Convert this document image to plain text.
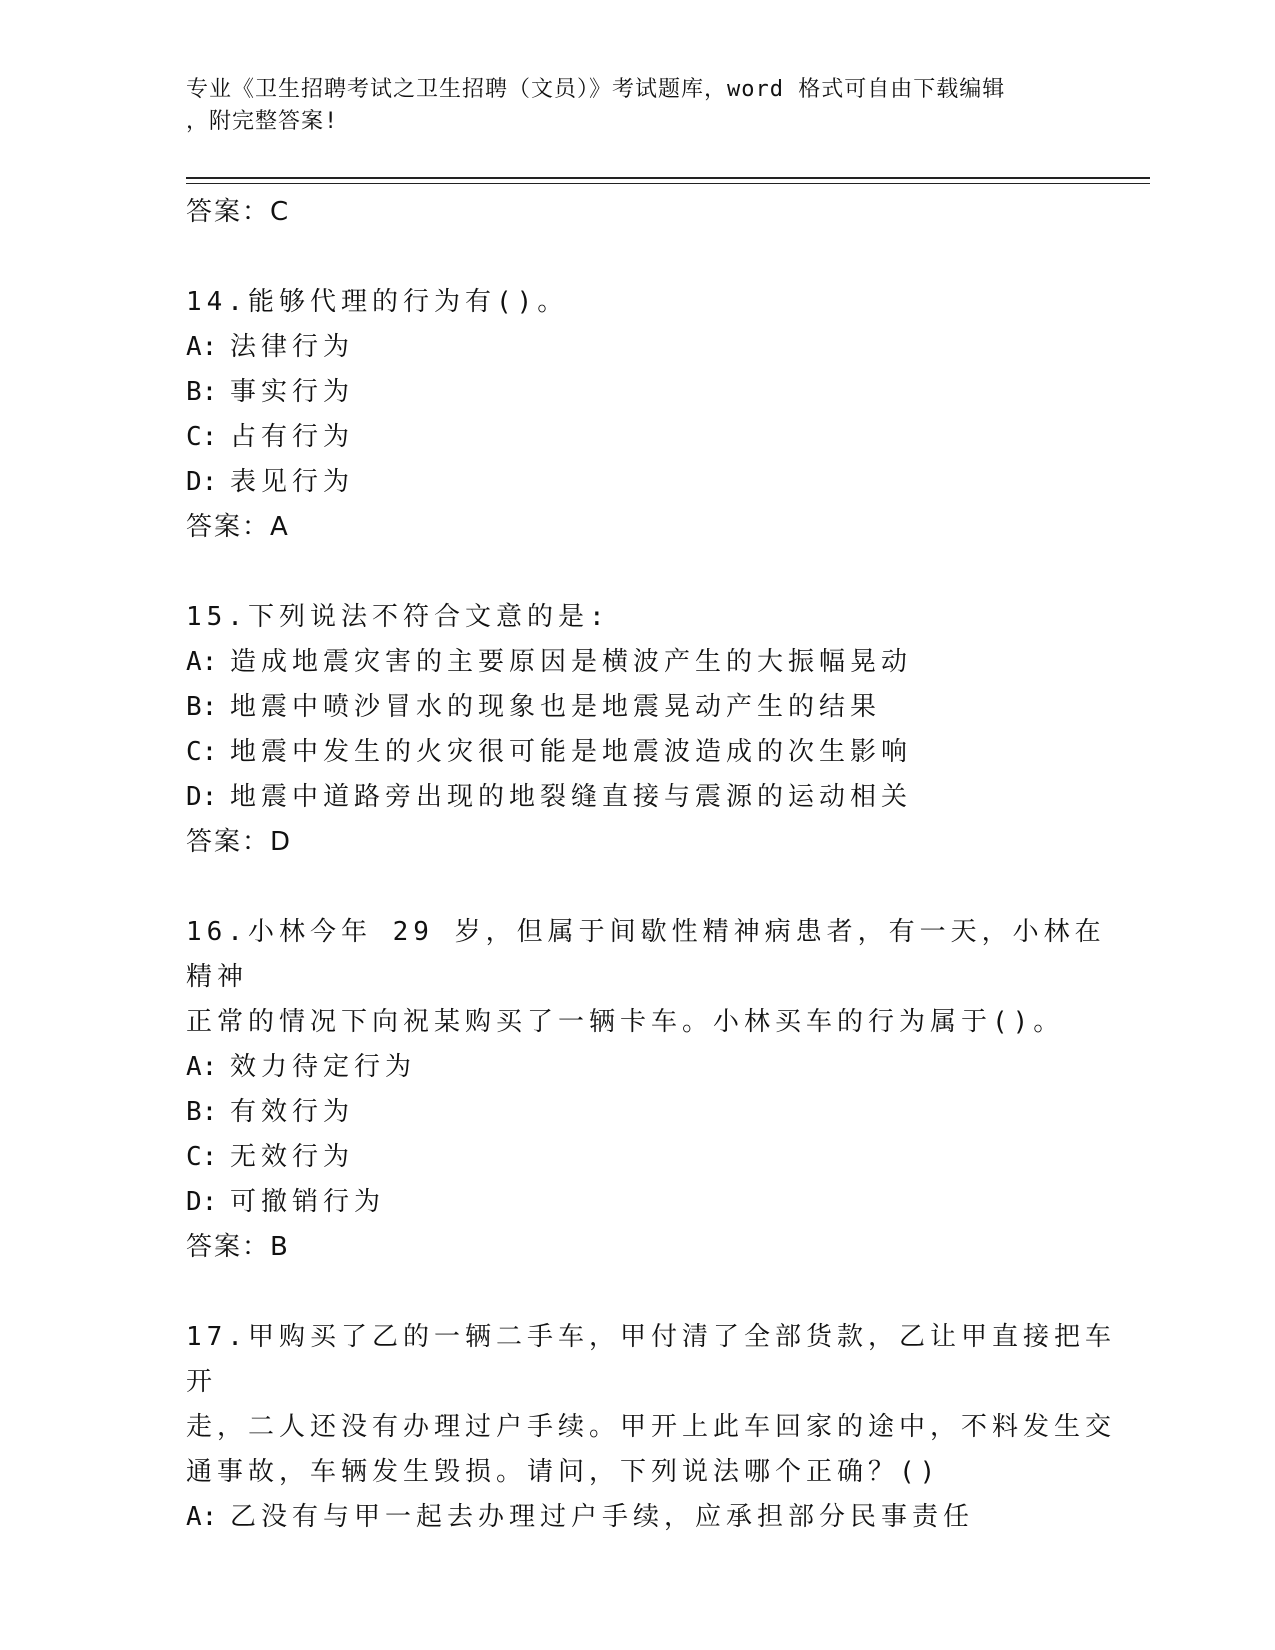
专业《卫生招聘考试之卫生招聘（文员）》考试题库，word 格式可自由下载编辑
，附完整答案!

答案：C

14.能够代理的行为有()。

A: 法律行为

B: 事实行为

C: 占有行为

D: 表见行为

答案：A

15.下列说法不符合文意的是:

A: 造成地震灾害的主要原因是横波产生的大振幅晃动

B: 地震中喷沙冒水的现象也是地震晃动产生的结果

C: 地震中发生的火灾很可能是地震波造成的次生影响

D: 地震中道路旁出现的地裂缝直接与震源的运动相关

答案：D

16.小林今年 29 岁，但属于间歇性精神病患者，有一天，小林在精神

正常的情况下向祝某购买了一辆卡车。小林买车的行为属于()。

A: 效力待定行为

B: 有效行为

C: 无效行为

D: 可撤销行为

答案：B

17.甲购买了乙的一辆二手车，甲付清了全部货款，乙让甲直接把车开

走，二人还没有办理过户手续。甲开上此车回家的途中，不料发生交

通事故，车辆发生毁损。请问，下列说法哪个正确？()

A: 乙没有与甲一起去办理过户手续，应承担部分民事责任
